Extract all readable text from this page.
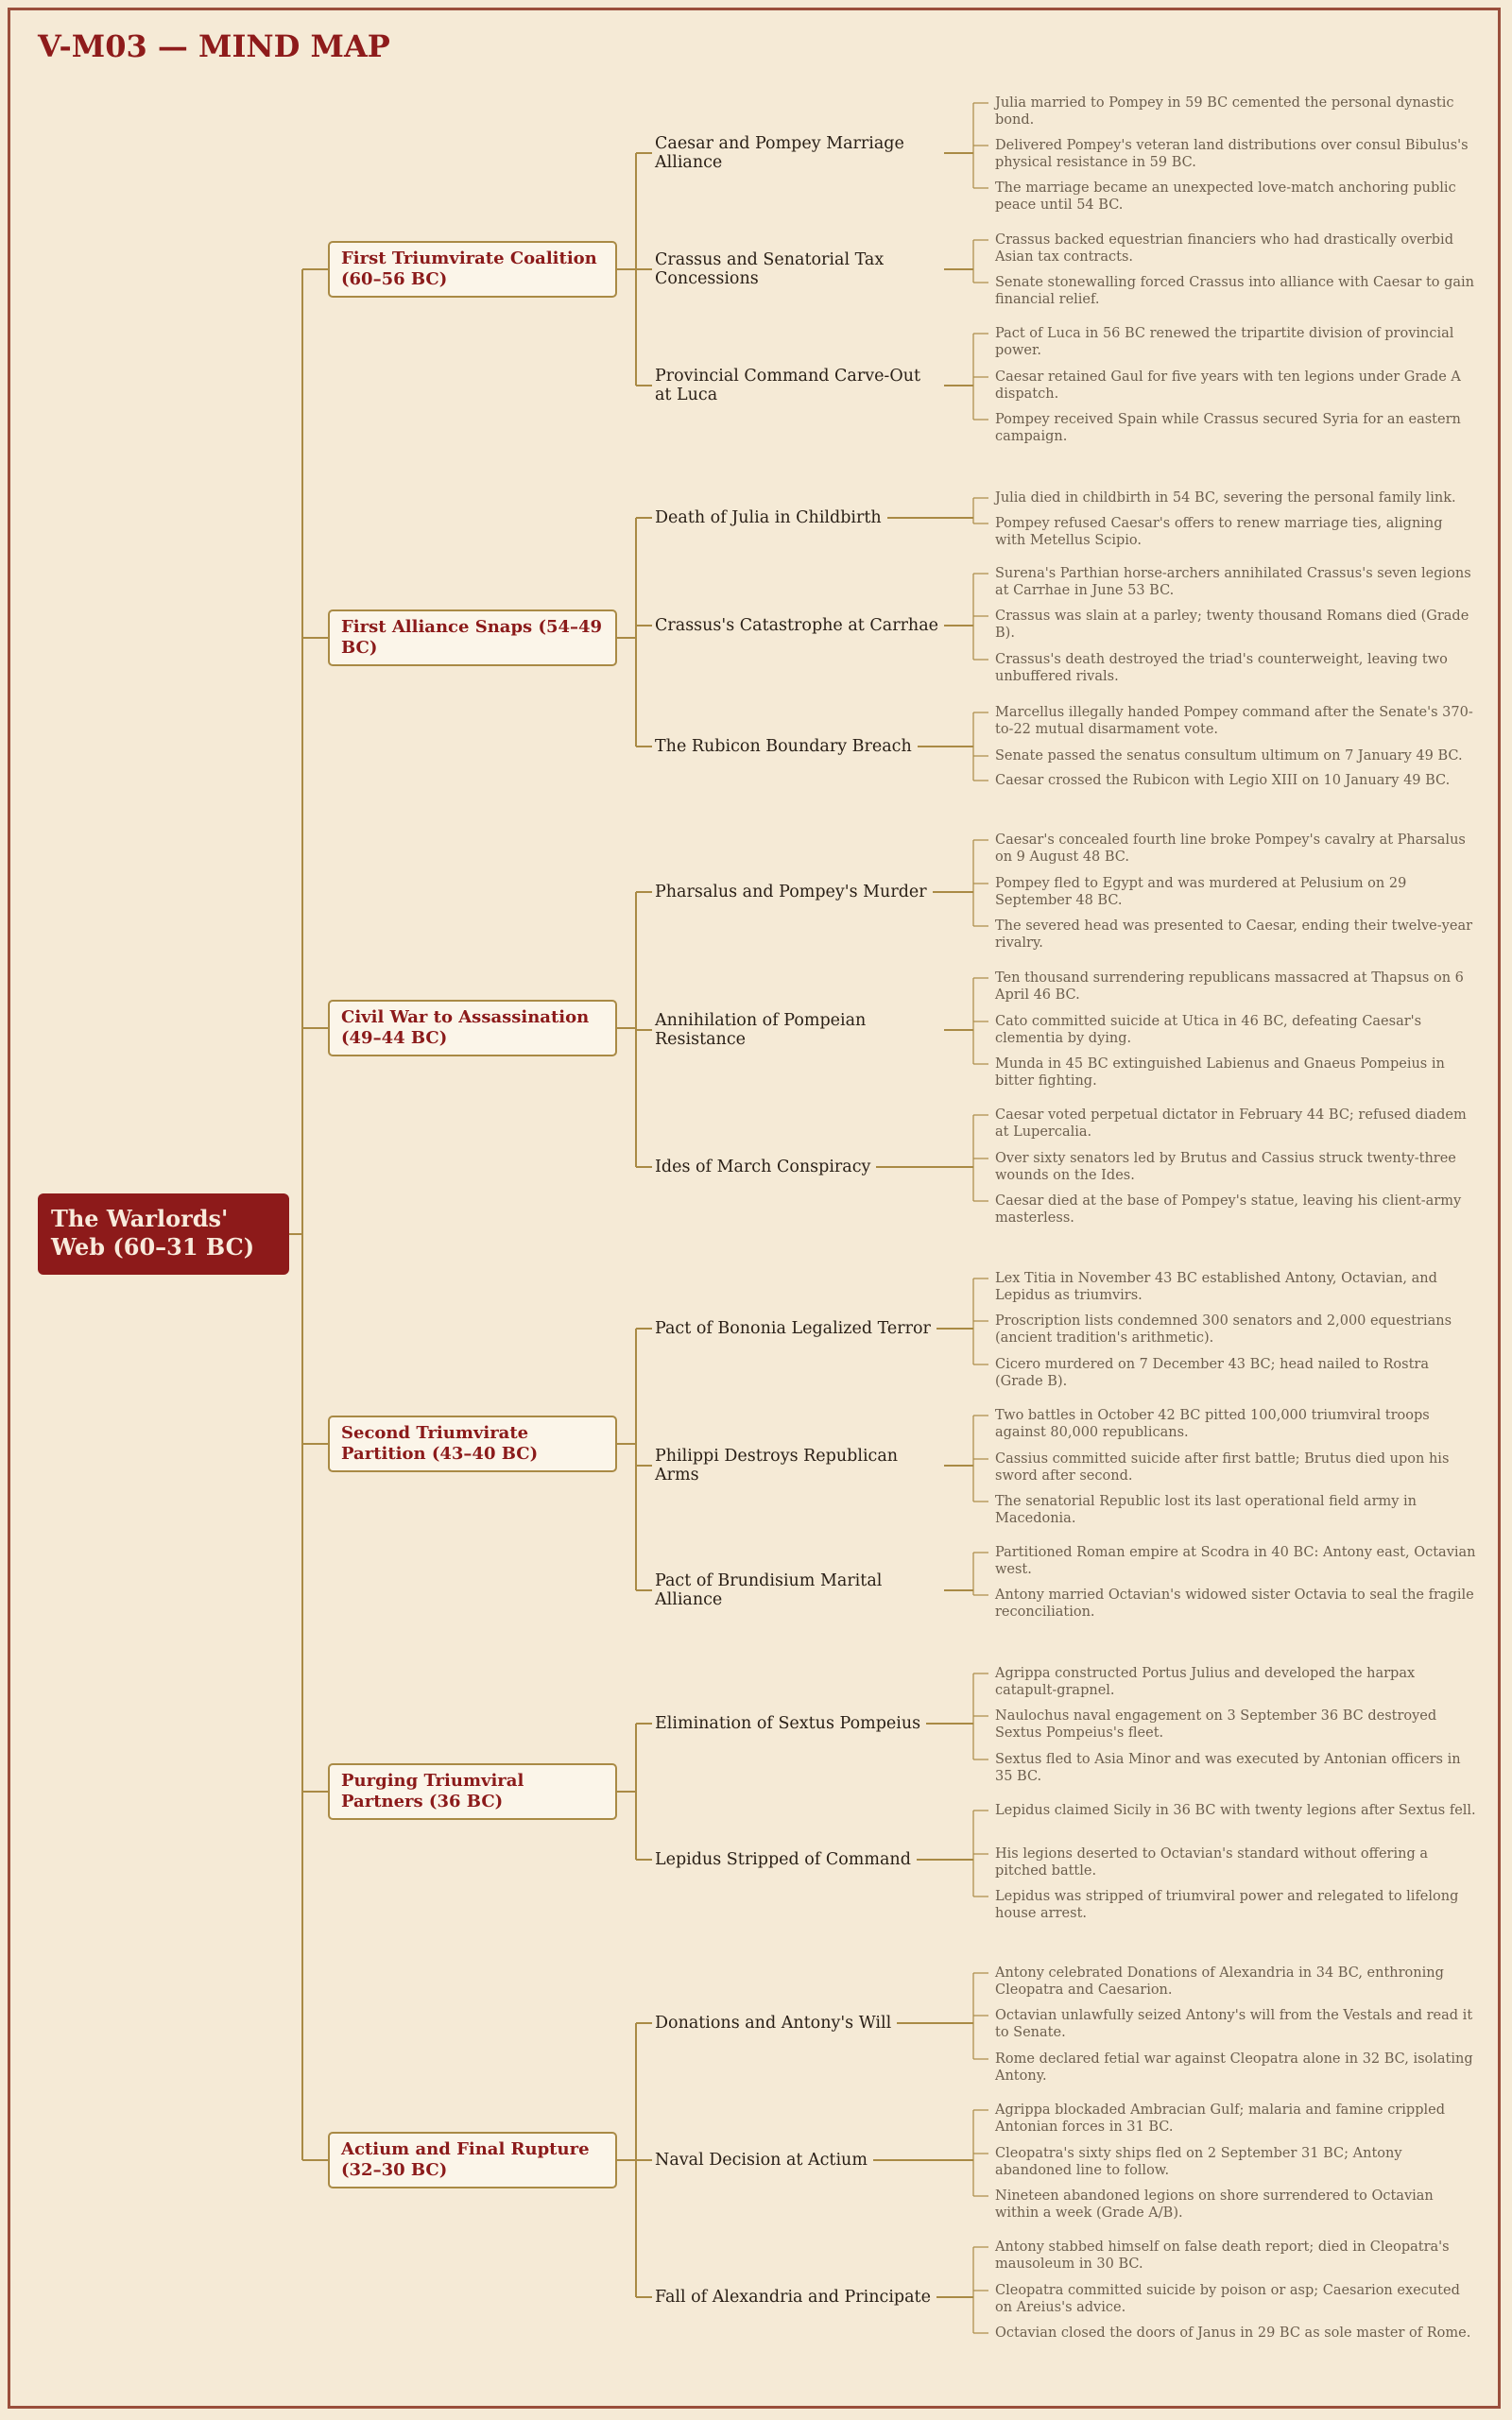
V-M03 — MIND MAP
The Warlords' Web (60–31 BC)
First Triumvirate Coalition (60–56 BC)
Caesar and Pompey Marriage Alliance
Julia married to Pompey in 59 BC cemented the personal dynastic bond.
Delivered Pompey's veteran land distributions over consul Bibulus's physical resistance in 59 BC.
The marriage became an unexpected love-match anchoring public peace until 54 BC.
Crassus and Senatorial Tax Concessions
Crassus backed equestrian financiers who had drastically overbid Asian tax contracts.
Senate stonewalling forced Crassus into alliance with Caesar to gain financial relief.
Provincial Command Carve-Out at Luca
Pact of Luca in 56 BC renewed the tripartite division of provincial power.
Caesar retained Gaul for five years with ten legions under Grade A dispatch.
Pompey received Spain while Crassus secured Syria for an eastern campaign.
First Alliance Snaps (54–49 BC)
Death of Julia in Childbirth
Julia died in childbirth in 54 BC, severing the personal family link.
Pompey refused Caesar's offers to renew marriage ties, aligning with Metellus Scipio.
Crassus's Catastrophe at Carrhae
Surena's Parthian horse-archers annihilated Crassus's seven legions at Carrhae in June 53 BC.
Crassus was slain at a parley; twenty thousand Romans died (Grade B).
Crassus's death destroyed the triad's counterweight, leaving two unbuffered rivals.
The Rubicon Boundary Breach
Marcellus illegally handed Pompey command after the Senate's 370-to-22 mutual disarmament vote.
Senate passed the senatus consultum ultimum on 7 January 49 BC.
Caesar crossed the Rubicon with Legio XIII on 10 January 49 BC.
Civil War to Assassination (49–44 BC)
Pharsalus and Pompey's Murder
Caesar's concealed fourth line broke Pompey's cavalry at Pharsalus on 9 August 48 BC.
Pompey fled to Egypt and was murdered at Pelusium on 29 September 48 BC.
The severed head was presented to Caesar, ending their twelve-year rivalry.
Annihilation of Pompeian Resistance
Ten thousand surrendering republicans massacred at Thapsus on 6 April 46 BC.
Cato committed suicide at Utica in 46 BC, defeating Caesar's clementia by dying.
Munda in 45 BC extinguished Labienus and Gnaeus Pompeius in bitter fighting.
Ides of March Conspiracy
Caesar voted perpetual dictator in February 44 BC; refused diadem at Lupercalia.
Over sixty senators led by Brutus and Cassius struck twenty-three wounds on the Ides.
Caesar died at the base of Pompey's statue, leaving his client-army masterless.
Second Triumvirate Partition (43–40 BC)
Pact of Bononia Legalized Terror
Lex Titia in November 43 BC established Antony, Octavian, and Lepidus as triumvirs.
Proscription lists condemned 300 senators and 2,000 equestrians (ancient tradition's arithmetic).
Cicero murdered on 7 December 43 BC; head nailed to Rostra (Grade B).
Philippi Destroys Republican Arms
Two battles in October 42 BC pitted 100,000 triumviral troops against 80,000 republicans.
Cassius committed suicide after first battle; Brutus died upon his sword after second.
The senatorial Republic lost its last operational field army in Macedonia.
Pact of Brundisium Marital Alliance
Partitioned Roman empire at Scodra in 40 BC: Antony east, Octavian west.
Antony married Octavian's widowed sister Octavia to seal the fragile reconciliation.
Purging Triumviral Partners (36 BC)
Elimination of Sextus Pompeius
Agrippa constructed Portus Julius and developed the harpax catapult-grapnel.
Naulochus naval engagement on 3 September 36 BC destroyed Sextus Pompeius's fleet.
Sextus fled to Asia Minor and was executed by Antonian officers in 35 BC.
Lepidus Stripped of Command
Lepidus claimed Sicily in 36 BC with twenty legions after Sextus fell.
His legions deserted to Octavian's standard without offering a pitched battle.
Lepidus was stripped of triumviral power and relegated to lifelong house arrest.
Actium and Final Rupture (32–30 BC)
Donations and Antony's Will
Antony celebrated Donations of Alexandria in 34 BC, enthroning Cleopatra and Caesarion.
Octavian unlawfully seized Antony's will from the Vestals and read it to Senate.
Rome declared fetial war against Cleopatra alone in 32 BC, isolating Antony.
Naval Decision at Actium
Agrippa blockaded Ambracian Gulf; malaria and famine crippled Antonian forces in 31 BC.
Cleopatra's sixty ships fled on 2 September 31 BC; Antony abandoned line to follow.
Nineteen abandoned legions on shore surrendered to Octavian within a week (Grade A/B).
Fall of Alexandria and Principate
Antony stabbed himself on false death report; died in Cleopatra's mausoleum in 30 BC.
Cleopatra committed suicide by poison or asp; Caesarion executed on Areius's advice.
Octavian closed the doors of Janus in 29 BC as sole master of Rome.
